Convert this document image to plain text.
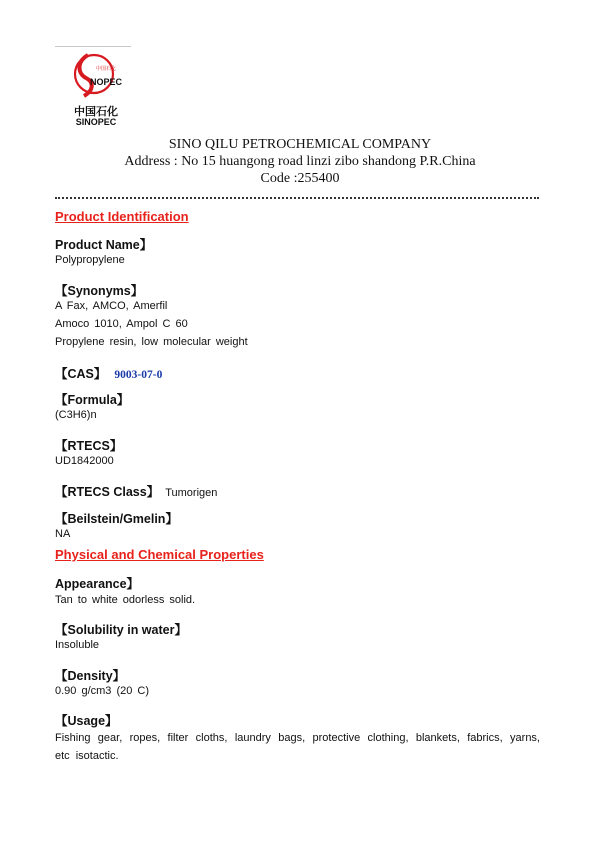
中国石化
NOPEC
中国石化
SINOPEC
SINO QILU PETROCHEMICAL COMPANY
Address : No 15 huangong road linzi zibo shandong P.R.China
Code :255400
Product Identification
Product Name】
Polypropylene
【Synonyms】
A Fax, AMCO, Amerfil
Amoco 1010, Ampol C 60
Propylene resin, low molecular weight
【CAS】 9003-07-0
【Formula】
(C3H6)n
【RTECS】
UD1842000
【RTECS Class】 Tumorigen
【Beilstein/Gmelin】
NA
Physical and Chemical Properties
Appearance】
Tan to white odorless solid.
【Solubility in water】
Insoluble
【Density】
0.90 g/cm3 (20 C)
【Usage】
Fishing gear, ropes, filter cloths, laundry bags, protective clothing, blankets, fabrics, yarns, etc isotactic.
